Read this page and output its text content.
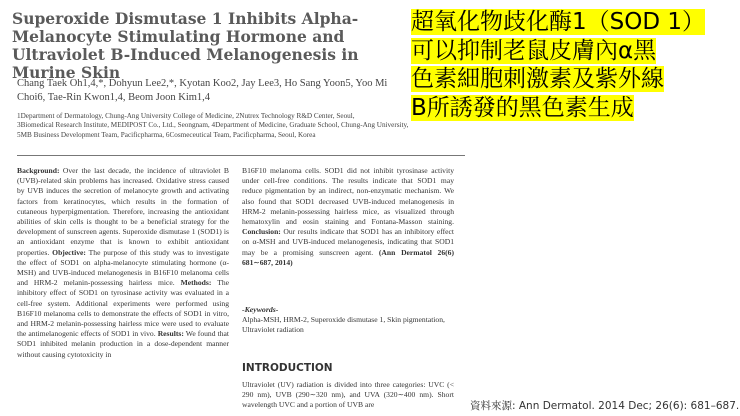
Superoxide Dismutase 1 Inhibits Alpha-Melanocyte Stimulating Hormone and Ultraviolet B-Induced Melanogenesis in Murine Skin

Chang Taek Oh1,4,*, Dohyun Lee2,*, Kyotan Koo2, Jay Lee3, Ho Sang Yoon5, Yoo Mi Choi6, Tae-Rin Kwon1,4, Beom Joon Kim1,4

1Department of Dermatology, Chung-Ang University College of Medicine, 2Nutrex Technology R&D Center, Seoul,
3Biomedical Research Institute, MEDIPOST Co., Ltd., Seongnam, 4Department of Medicine, Graduate School, Chung-Ang University,
5MB Business Development Team, Pacificpharma, 6Cosmeceutical Team, Pacificpharma, Seoul, Korea

Background: Over the last decade, the incidence of ultraviolet B (UVB)-related skin problems has increased. Oxidative stress caused by UVB induces the secretion of melanocyte growth and activating factors from keratinocytes, which results in the formation of cutaneous hyperpigmentation. Therefore, increasing the antioxidant abilities of skin cells is thought to be a beneficial strategy for the development of sunscreen agents. Superoxide dismutase 1 (SOD1) is an antioxidant enzyme that is known to exhibit antioxidant properties. Objective: The purpose of this study was to investigate the effect of SOD1 on alpha-melanocyte stimulating hormone (α-MSH) and UVB-induced melanogenesis in B16F10 melanoma cells and HRM-2 melanin-possessing hairless mice. Methods: The inhibitory effect of SOD1 on tyrosinase activity was evaluated in a cell-free system. Additional experiments were performed using B16F10 melanoma cells to demonstrate the effects of SOD1 in vitro, and HRM-2 melanin-possessing hairless mice were used to evaluate the antimelanogenic effects of SOD1 in vivo. Results: We found that SOD1 inhibited melanin production in a dose-dependent manner without causing cytotoxicity in

B16F10 melanoma cells. SOD1 did not inhibit tyrosinase activity under cell-free conditions. The results indicate that SOD1 may reduce pigmentation by an indirect, non-enzymatic mechanism. We also found that SOD1 decreased UVB-induced melanogenesis in HRM-2 melanin-possessing hairless mice, as visualized through hematoxylin and eosin staining and Fontana-Masson staining. Conclusion: Our results indicate that SOD1 has an inhibitory effect on α-MSH and UVB-induced melanogenesis, indicating that SOD1 may be a promising sunscreen agent. (Ann Dermatol 26(6) 681∼687, 2014)

-Keywords-
Alpha-MSH, HRM-2, Superoxide dismutase 1, Skin pigmentation, Ultraviolet radiation
INTRODUCTION

Ultraviolet (UV) radiation is divided into three categories: UVC (< 290 nm), UVB (290∼320 nm), and UVA (320∼400 nm). Short wavelength UVC and a portion of UVB are

超氧化物歧化酶1（SOD 1）
可以抑制老鼠皮膚內α黑
色素細胞刺激素及紫外線
B所誘發的黑色素生成
資料來源: Ann Dermatol. 2014 Dec; 26(6): 681–687.
